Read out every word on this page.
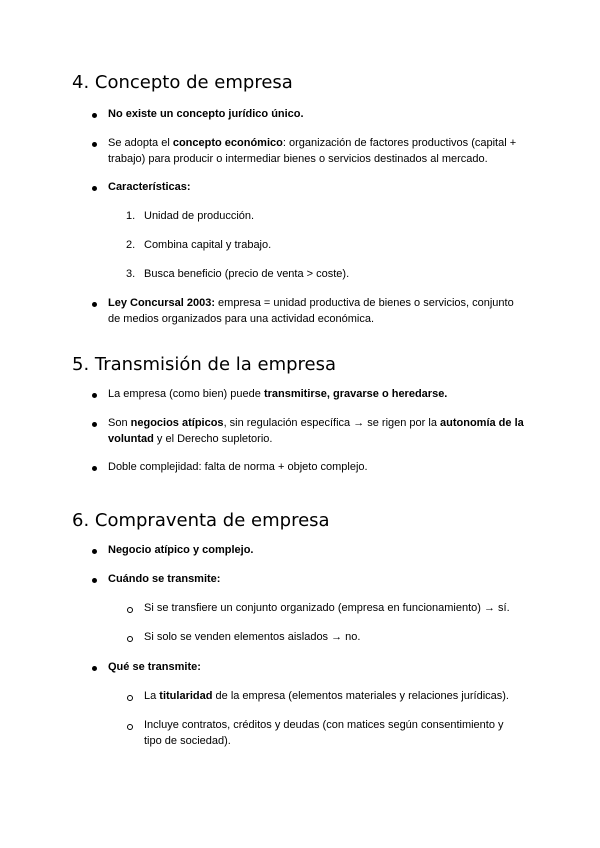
4. Concepto de empresa
No existe un concepto jurídico único.
Se adopta el concepto económico: organización de factores productivos (capital + trabajo) para producir o intermediar bienes o servicios destinados al mercado.
Características:
1. Unidad de producción.
2. Combina capital y trabajo.
3. Busca beneficio (precio de venta > coste).
Ley Concursal 2003: empresa = unidad productiva de bienes o servicios, conjunto de medios organizados para una actividad económica.
5. Transmisión de la empresa
La empresa (como bien) puede transmitirse, gravarse o heredarse.
Son negocios atípicos, sin regulación específica → se rigen por la autonomía de la voluntad y el Derecho supletorio.
Doble complejidad: falta de norma + objeto complejo.
6. Compraventa de empresa
Negocio atípico y complejo.
Cuándo se transmite:
Si se transfiere un conjunto organizado (empresa en funcionamiento) → sí.
Si solo se venden elementos aislados → no.
Qué se transmite:
La titularidad de la empresa (elementos materiales y relaciones jurídicas).
Incluye contratos, créditos y deudas (con matices según consentimiento y tipo de sociedad).
